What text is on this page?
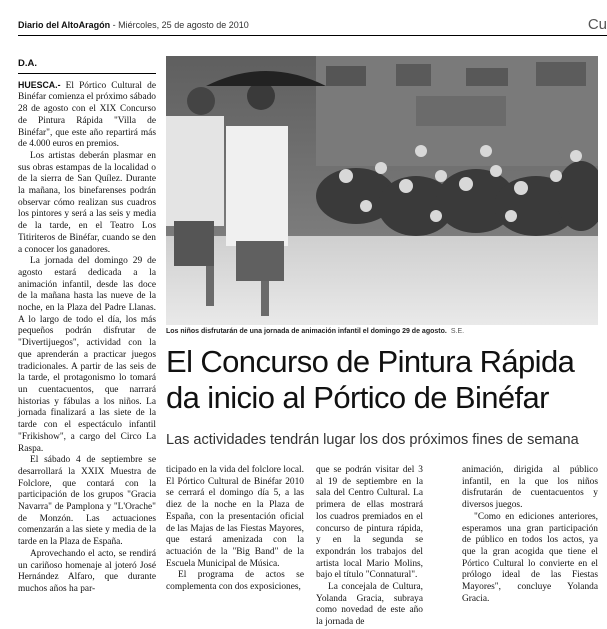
Diario del AltoAragón - Miércoles, 25 de agosto de 2010	Cu
D.A.

HUESCA.- El Pórtico Cultural de Binéfar comienza el próximo sábado 28 de agosto con el XIX Concurso de Pintura Rápida "Villa de Binéfar", que este año repartirá más de 4.000 euros en premios.

Los artistas deberán plasmar en sus obras estampas de la localidad o de la sierra de San Quílez. Durante la mañana, los binefarenses podrán observar cómo realizan sus cuadros los pintores y será a las seis y media de la tarde, en el Teatro Los Titiriteros de Binéfar, cuando se den a conocer los ganadores.

La jornada del domingo 29 de agosto estará dedicada a la animación infantil, desde las doce de la mañana hasta las nueve de la noche, en la Plaza del Padre Llanas. A lo largo de todo el día, los más pequeños podrán disfrutar de "Divertijuegos", actividad con la que aprenderán a practicar juegos tradicionales. A partir de las seis de la tarde, el protagonismo lo tomará un cuentacuentos, que narrará historias y fábulas a los niños. La jornada finalizará a las siete de la tarde con el espectáculo infantil "Frikishow", a cargo del Circo La Raspa.

El sábado 4 de septiembre se desarrollará la XXIX Muestra de Folclore, que contará con la participación de los grupos "Gracia Navarra" de Pamplona y "L'Orache" de Monzón. Las actuaciones comenzarán a las siete y media de la tarde en la Plaza de España.

Aprovechando el acto, se rendirá un cariñoso homenaje al joteró José Hernández Alfaro, que durante muchos años ha par-

Los niños disfrutarán de una jornada de animación infantil el domingo 29 de agosto. S.E.
El Concurso de Pintura Rápida da inicio al Pórtico de Binéfar
Las actividades tendrán lugar los dos próximos fines de semana

ticipado en la vida del folclore local. El Pórtico Cultural de Binéfar 2010 se cerrará el domingo día 5, a las diez de la noche en la Plaza de España, con la presentación oficial de las Majas de las Fiestas Mayores, que estará amenizada con la actuación de la "Big Band" de la Escuela Municipal de Música.

El programa de actos se complementa con dos exposiciones,

que se podrán visitar del 3 al 19 de septiembre en la sala del Centro Cultural. La primera de ellas mostrará los cuadros premiados en el concurso de pintura rápida, y en la segunda se expondrán los trabajos del artista local Mario Molins, bajo el título "Connatural".

La concejala de Cultura, Yolanda Gracia, subraya como novedad de este año la jornada de

animación, dirigida al público infantil, en la que los niños disfrutarán de cuentacuentos y diversos juegos.

"Como en ediciones anteriores, esperamos una gran participación de público en todos los actos, ya que la gran acogida que tiene el Pórtico Cultural lo convierte en el prólogo ideal de las Fiestas Mayores", concluye Yolanda Gracia.
